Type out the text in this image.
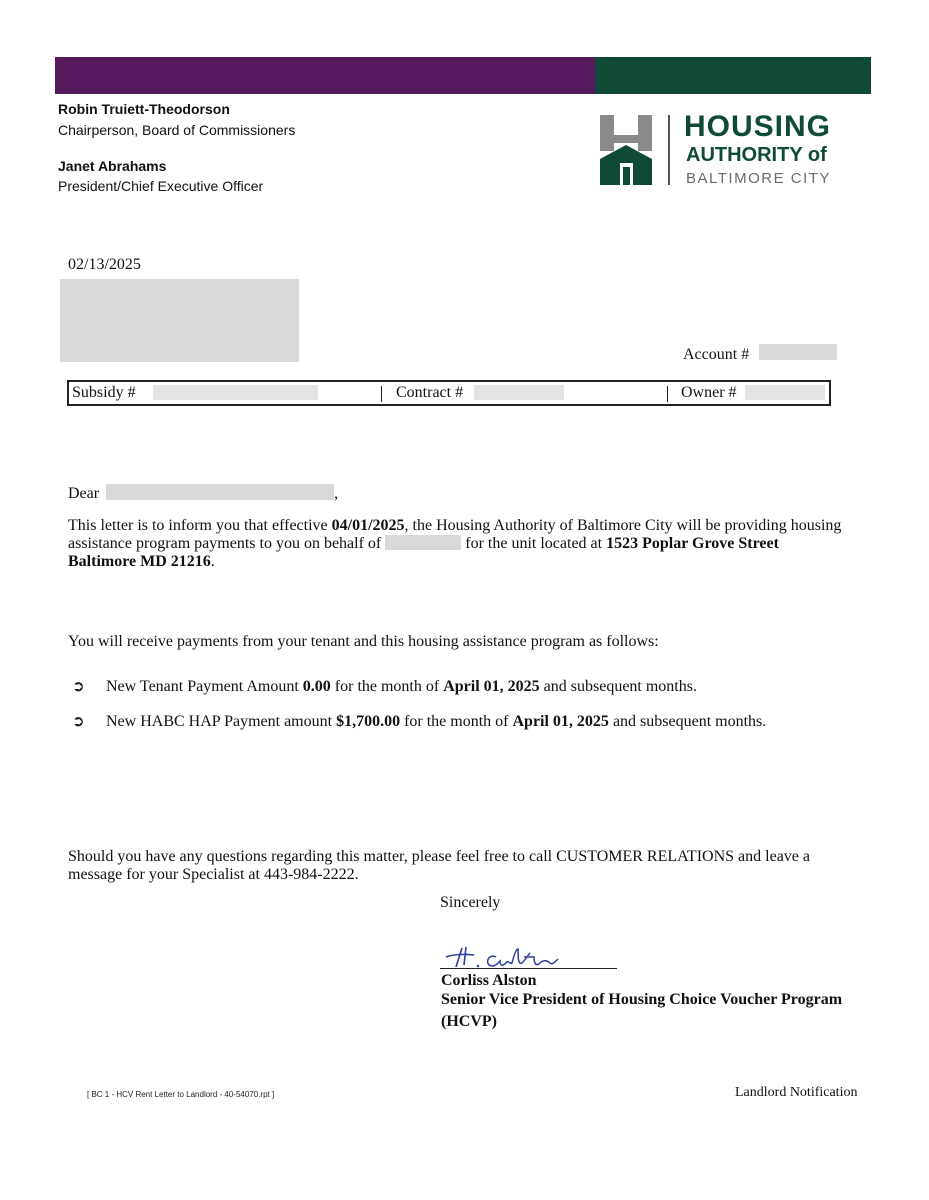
Robin Truiett-Theodorson
Chairperson, Board of Commissioners
Janet Abrahams
President/Chief Executive Officer
HOUSING
AUTHORITY of
BALTIMORE CITY
02/13/2025
Account #
Subsidy #	Contract #	Owner #
Dear	,
This letter is to inform you that effective 04/01/2025, the Housing Authority of Baltimore City will be providing housing assistance program payments to you on behalf of	for the unit located at 1523 Poplar Grove Street Baltimore MD 21216.
You will receive payments from your tenant and this housing assistance program as follows:
➲ New Tenant Payment Amount 0.00 for the month of April 01, 2025 and subsequent months.
➲ New HABC HAP Payment amount $1,700.00 for the month of April 01, 2025 and subsequent months.
Should you have any questions regarding this matter, please feel free to call CUSTOMER RELATIONS and leave a message for your Specialist at 443-984-2222.
Sincerely
Corliss Alston
Senior Vice President of Housing Choice Voucher Program
(HCVP)
[ BC 1 - HCV Rent Letter to Landlord - 40-54070.rpt ]	Landlord Notification
